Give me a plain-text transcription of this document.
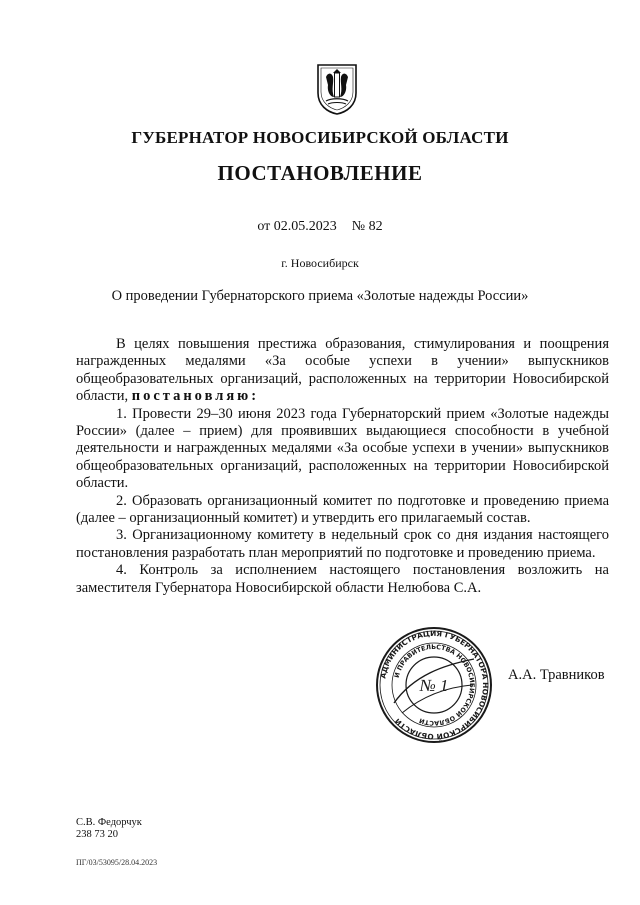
ГУБЕРНАТОР НОВОСИБИРСКОЙ ОБЛАСТИ
ПОСТАНОВЛЕНИЕ
от 02.05.2023 № 82
г. Новосибирск
О проведении Губернаторского приема «Золотые надежды России»

В целях повышения престижа образования, стимулирования и поощрения награжденных медалями «За особые успехи в учении» выпускников общеобразовательных организаций, расположенных на территории Новосибирской области, постановляю:

1. Провести 29–30 июня 2023 года Губернаторский прием «Золотые надежды России» (далее – прием) для проявивших выдающиеся способности в учебной деятельности и награжденных медалями «За особые успехи в учении» выпускников общеобразовательных организаций, расположенных на территории Новосибирской области.

2. Образовать организационный комитет по подготовке и проведению приема (далее – организационный комитет) и утвердить его прилагаемый состав.

3. Организационному комитету в недельный срок со дня издания настоящего постановления разработать план мероприятий по подготовке и проведению приема.

4. Контроль за исполнением настоящего постановления возложить на заместителя Губернатора Новосибирской области Нелюбова С.А.

АДМИНИСТРАЦИЯ ГУБЕРНАТОРА НОВОСИБИРСКОЙ ОБЛАСТИ
И ПРАВИТЕЛЬСТВА НОВОСИБИРСКОЙ ОБЛАСТИ
№ 1
А.А. Травников
С.В. Федорчук
238 73 20
ПГ/03/53095/28.04.2023
